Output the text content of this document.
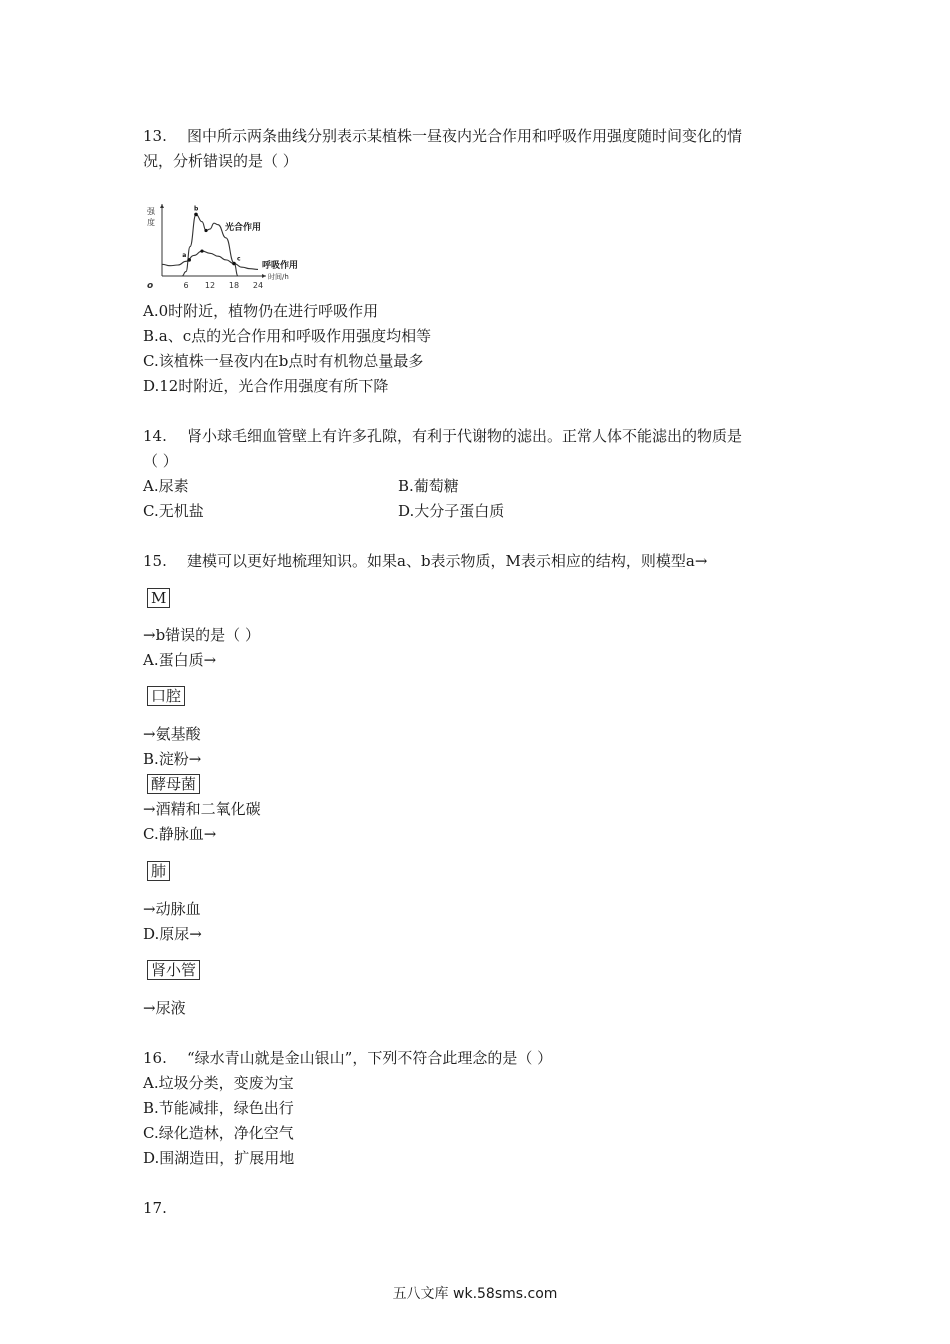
13. 图中所示两条曲线分别表示某植株一昼夜内光合作用和呼吸作用强度随时间变化的情
况，分析错误的是（ ）
强
度
时间/h
o	6 12 18 24
光合作用
呼吸作用
a
b
c
A.0时附近，植物仍在进行呼吸作用
B.a、c点的光合作用和呼吸作用强度均相等
C.该植株一昼夜内在b点时有机物总量最多
D.12时附近，光合作用强度有所下降
14. 肾小球毛细血管壁上有许多孔隙，有利于代谢物的滤出。正常人体不能滤出的物质是
（ ）
A.尿素	B.葡萄糖
C.无机盐	D.大分子蛋白质
15. 建模可以更好地梳理知识。如果a、b表示物质，M表示相应的结构，则模型a→
M
→b错误的是（ ）
A.蛋白质→
口腔
→氨基酸
B.淀粉→
酵母菌
→酒精和二氧化碳
C.静脉血→
肺
→动脉血
D.原尿→
肾小管
→尿液
16. “绿水青山就是金山银山”，下列不符合此理念的是（ ）
A.垃圾分类，变废为宝
B.节能减排，绿色出行
C.绿化造林，净化空气
D.围湖造田，扩展用地
17.
五八文库 wk.58sms.com
